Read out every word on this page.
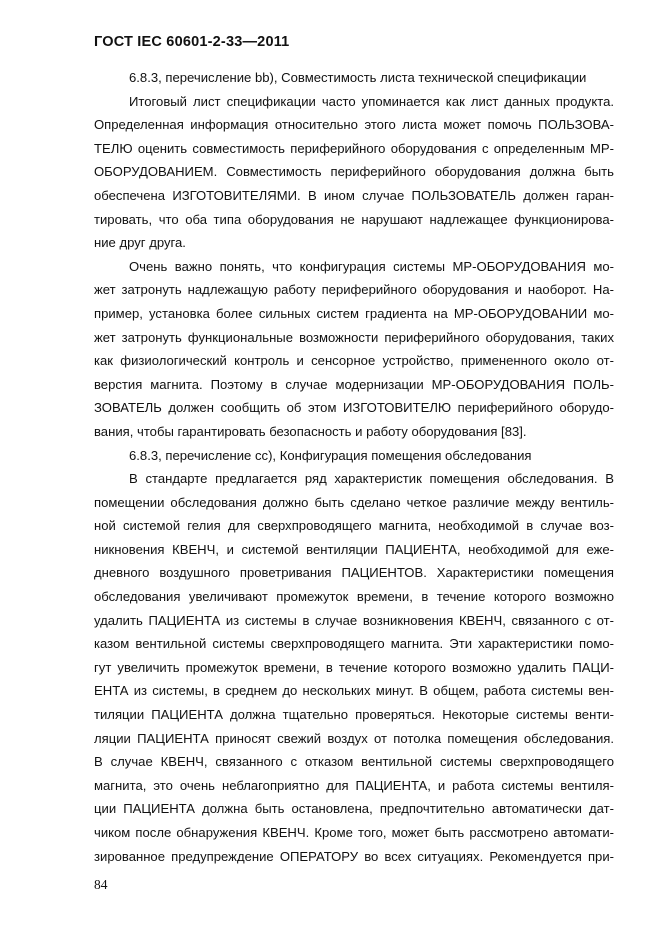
ГОСТ IEC 60601-2-33—2011
6.8.3, перечисление bb), Совместимость листа технической спецификации
Итоговый лист спецификации часто упоминается как лист данных продукта.
Определенная информация относительно этого листа может помочь ПОЛЬЗОВА-
ТЕЛЮ оценить совместимость периферийного оборудования с определенным МР-
ОБОРУДОВАНИЕМ. Совместимость периферийного оборудования должна быть
обеспечена ИЗГОТОВИТЕЛЯМИ. В ином случае ПОЛЬЗОВАТЕЛЬ должен гаран-
тировать, что оба типа оборудования не нарушают надлежащее функционирова-
ние друг друга.
Очень важно понять, что конфигурация системы МР-ОБОРУДОВАНИЯ мо-
жет затронуть надлежащую работу периферийного оборудования и наоборот. На-
пример, установка более сильных систем градиента на МР-ОБОРУДОВАНИИ мо-
жет затронуть функциональные возможности периферийного оборудования, таких
как физиологический контроль и сенсорное устройство, примененного около от-
верстия магнита. Поэтому в случае модернизации МР-ОБОРУДОВАНИЯ ПОЛЬ-
ЗОВАТЕЛЬ должен сообщить об этом ИЗГОТОВИТЕЛЮ периферийного оборудо-
вания, чтобы гарантировать безопасность и работу оборудования [83].
6.8.3, перечисление cc), Конфигурация помещения обследования
В стандарте предлагается ряд характеристик помещения обследования. В
помещении обследования должно быть сделано четкое различие между вентиль-
ной системой гелия для сверхпроводящего магнита, необходимой в случае воз-
никновения КВЕНЧ, и системой вентиляции ПАЦИЕНТА, необходимой для еже-
дневного воздушного проветривания ПАЦИЕНТОВ. Характеристики помещения
обследования увеличивают промежуток времени, в течение которого возможно
удалить ПАЦИЕНТА из системы в случае возникновения КВЕНЧ, связанного с от-
казом вентильной системы сверхпроводящего магнита. Эти характеристики помо-
гут увеличить промежуток времени, в течение которого возможно удалить ПАЦИ-
ЕНТА из системы, в среднем до нескольких минут. В общем, работа системы вен-
тиляции ПАЦИЕНТА должна тщательно проверяться. Некоторые системы венти-
ляции ПАЦИЕНТА приносят свежий воздух от потолка помещения обследования.
В случае КВЕНЧ, связанного с отказом вентильной системы сверхпроводящего
магнита, это очень неблагоприятно для ПАЦИЕНТА, и работа системы вентиля-
ции ПАЦИЕНТА должна быть остановлена, предпочтительно автоматически дат-
чиком после обнаружения КВЕНЧ. Кроме того, может быть рассмотрено автомати-
зированное предупреждение ОПЕРАТОРУ во всех ситуациях. Рекомендуется при-
84
